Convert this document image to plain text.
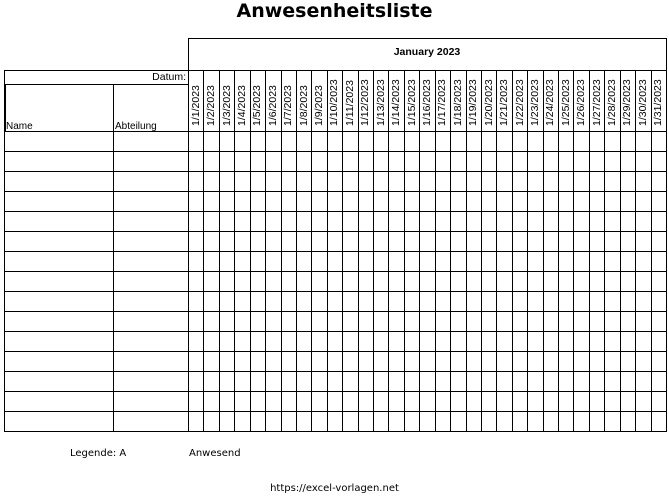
Anwesenheitsliste
1/1/2023 1/2/2023 1/3/2023 1/4/2023 1/5/2023 1/6/2023 1/7/2023 1/8/2023 1/9/2023 1/10/2023 1/11/2023 1/12/2023 1/13/2023 1/14/2023 1/15/2023 1/16/2023 1/17/2023 1/18/2023 1/19/2023 1/20/2023 1/21/2023 1/22/2023 1/23/2023 1/24/2023 1/25/2023 1/26/2023 1/27/2023 1/28/2023 1/29/2023 1/30/2023 1/31/2023
January 2023
Datum:
Name	Abteilung
Legende: A	Anwesend
https://excel-vorlagen.net
